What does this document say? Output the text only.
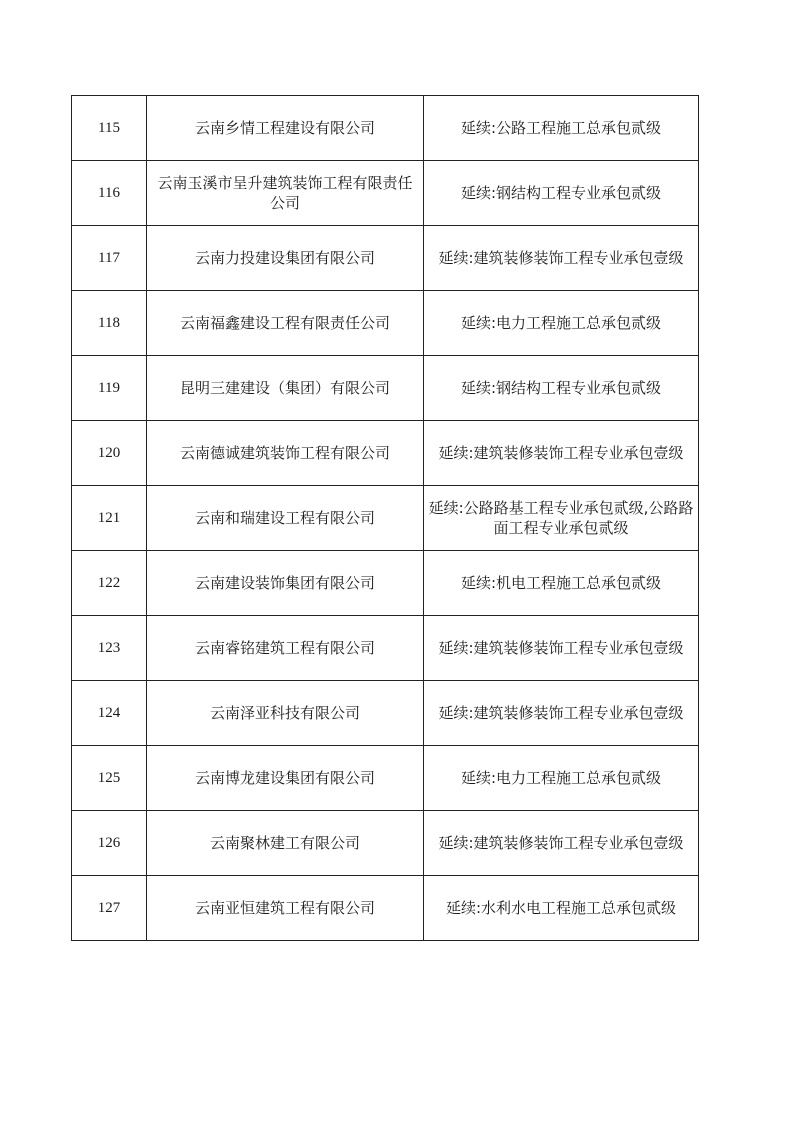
115	云南乡情工程建设有限公司	延续:公路工程施工总承包贰级
116	云南玉溪市呈升建筑装饰工程有限责任公司	延续:钢结构工程专业承包贰级
117	云南力投建设集团有限公司	延续:建筑装修装饰工程专业承包壹级
118	云南福鑫建设工程有限责任公司	延续:电力工程施工总承包贰级
119	昆明三建建设（集团）有限公司	延续:钢结构工程专业承包贰级
120	云南德诚建筑装饰工程有限公司	延续:建筑装修装饰工程专业承包壹级
121	云南和瑞建设工程有限公司	延续:公路路基工程专业承包贰级,公路路面工程专业承包贰级
122	云南建设装饰集团有限公司	延续:机电工程施工总承包贰级
123	云南睿铭建筑工程有限公司	延续:建筑装修装饰工程专业承包壹级
124	云南泽亚科技有限公司	延续:建筑装修装饰工程专业承包壹级
125	云南博龙建设集团有限公司	延续:电力工程施工总承包贰级
126	云南聚林建工有限公司	延续:建筑装修装饰工程专业承包壹级
127	云南亚恒建筑工程有限公司	延续:水利水电工程施工总承包贰级
